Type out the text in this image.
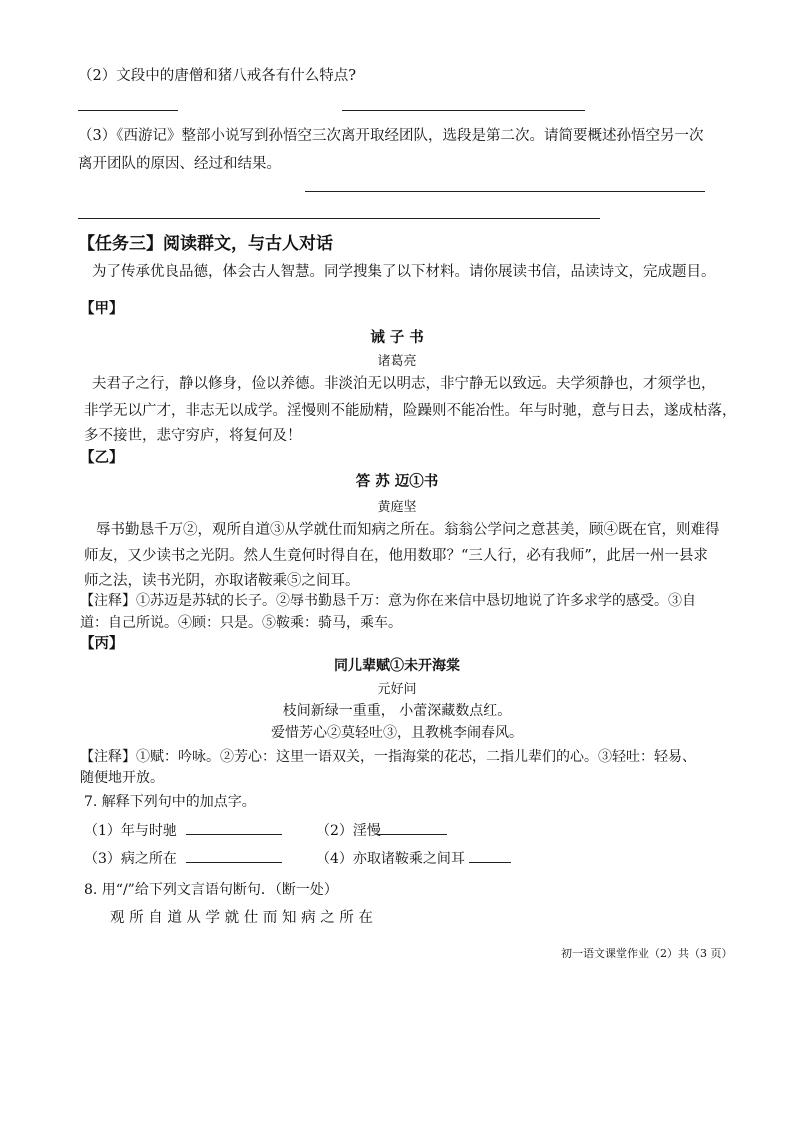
（2）文段中的唐僧和猪八戒各有什么特点?
（3）《西游记》整部小说写到孙悟空三次离开取经团队，选段是第二次。请简要概述孙悟空另一次
离开团队的原因、经过和结果。
【任务三】阅读群文，与古人对话
为了传承优良品德，体会古人智慧。同学搜集了以下材料。请你展读书信，品读诗文，完成题目。
【甲】
诫 子 书
诸葛亮
夫君子之行，静以修身，俭以养德。非淡泊无以明志，非宁静无以致远。夫学须静也，才须学也，
非学无以广才，非志无以成学。淫慢则不能励精，险躁则不能冶性。年与时驰，意与日去，遂成枯落，
多不接世，悲守穷庐，将复何及！
【乙】
答 苏 迈①书
黄庭坚
辱书勤恳千万②，观所自道③从学就仕而知病之所在。翁翁公学问之意甚美，顾④既在官，则难得
师友，又少读书之光阴。然人生竟何时得自在，他用数耶？“三人行，必有我师”，此居一州一县求
师之法，读书光阴，亦取诸鞍乘⑤之间耳。
【注释】①苏迈是苏轼的长子。②辱书勤恳千万：意为你在来信中恳切地说了许多求学的感受。③自
道：自己所说。④顾：只是。⑤鞍乘：骑马，乘车。
【丙】
同儿辈赋①未开海棠
元好问
枝间新绿一重重， 小蕾深藏数点红。
爱惜芳心②莫轻吐③，且教桃李闹春风。
【注释】①赋：吟咏。②芳心：这里一语双关，一指海棠的花芯，二指儿辈们的心。③轻吐：轻易、
随便地开放。
7. 解释下列句中的加点字。
（1）年与时驰	（2）淫慢
（3）病之所在	（4）亦取诸鞍乘之间耳
8. 用“/”给下列文言语句断句．（断一处）
观 所 自 道 从 学 就 仕 而 知 病 之 所 在
初一语文课堂作业（2）共（3 页）
